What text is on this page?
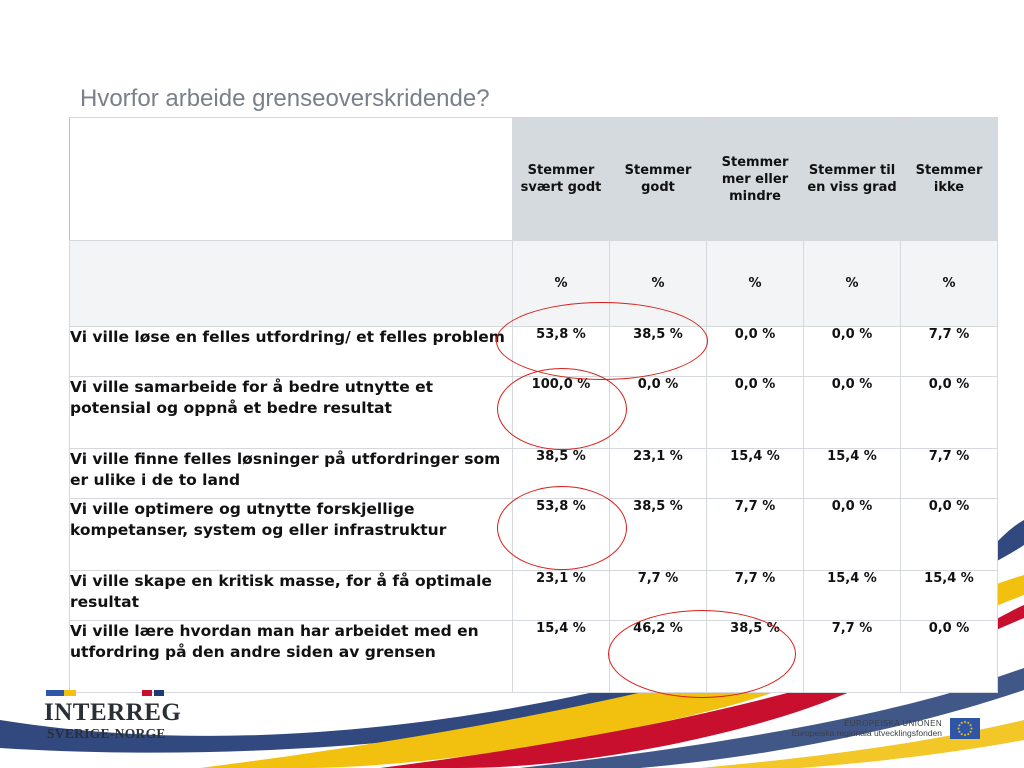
Hvorfor arbeide grenseoverskridende?
	Stemmer svært godt	Stemmer godt	Stemmer mer eller mindre	Stemmer til en viss grad	Stemmer ikke
	%	%	%	%	%
Vi ville løse en felles utfordring/ et felles problem	53,8 %	38,5 %	0,0 %	0,0 %	7,7 %
Vi ville samarbeide for å bedre utnytte et potensial og oppnå et bedre resultat	100,0 %	0,0 %	0,0 %	0,0 %	0,0 %
Vi ville finne felles løsninger på utfordringer som er ulike i de to land	38,5 %	23,1 %	15,4 %	15,4 %	7,7 %
Vi ville optimere og utnytte forskjellige kompetanser, system og eller infrastruktur	53,8 %	38,5 %	7,7 %	0,0 %	0,0 %
Vi ville skape en kritisk masse, for å få optimale resultat	23,1 %	7,7 %	7,7 %	15,4 %	15,4 %
Vi ville lære hvordan man har arbeidet med en utfordring på den andre siden av grensen	15,4 %	46,2 %	38,5 %	7,7 %	0,0 %
INTERREG
SVERIGE-NORGE
EUROPEISKA UNIONEN
Europeiska regionala utvecklingsfonden
